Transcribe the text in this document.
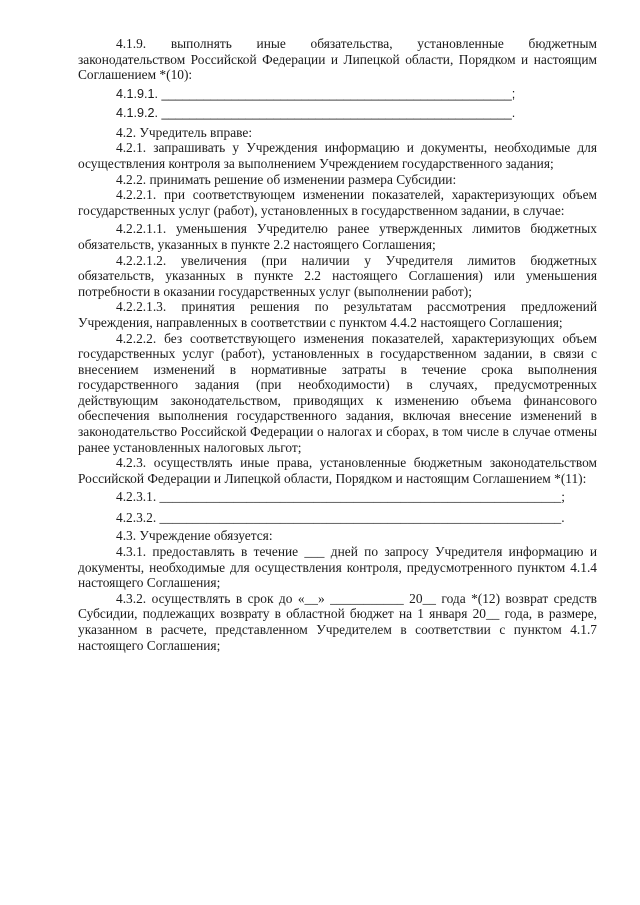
4.1.9. выполнять иные обязательства, установленные бюджетным законодательством Российской Федерации и Липецкой области, Порядком и настоящим Соглашением *(10):

4.1.9.1. __________________________________________________;

4.1.9.2. __________________________________________________.

4.2. Учредитель вправе:

4.2.1. запрашивать у Учреждения информацию и документы, необходимые для осуществления контроля за выполнением Учреждением государственного задания;

4.2.2. принимать решение об изменении размера Субсидии:

4.2.2.1. при соответствующем изменении показателей, характеризующих объем государственных услуг (работ), установленных в государственном задании, в случае:

4.2.2.1.1. уменьшения Учредителю ранее утвержденных лимитов бюджетных обязательств, указанных в пункте 2.2 настоящего Соглашения;

4.2.2.1.2. увеличения (при наличии у Учредителя лимитов бюджетных обязательств, указанных в пункте 2.2 настоящего Соглашения) или уменьшения потребности в оказании государственных услуг (выполнении работ);

4.2.2.1.3. принятия решения по результатам рассмотрения предложений Учреждения, направленных в соответствии с пунктом 4.4.2 настоящего Соглашения;

4.2.2.2. без соответствующего изменения показателей, характеризующих объем государственных услуг (работ), установленных в государственном задании, в связи с внесением изменений в нормативные затраты в течение срока выполнения государственного задания (при необходимости) в случаях, предусмотренных действующим законодательством, приводящих к изменению объема финансового обеспечения выполнения государственного задания, включая внесение изменений в законодательство Российской Федерации о налогах и сборах, в том числе в случае отмены ранее установленных налоговых льгот;

4.2.3. осуществлять иные права, установленные бюджетным законодательством Российской Федерации и Липецкой области, Порядком и настоящим Соглашением *(11):

4.2.3.1. ____________________________________________________________;

4.2.3.2. ____________________________________________________________.

4.3. Учреждение обязуется:

4.3.1. предоставлять в течение ___ дней по запросу Учредителя информацию и документы, необходимые для осуществления контроля, предусмотренного пунктом 4.1.4 настоящего Соглашения;

4.3.2. осуществлять в срок до «__» ___________ 20__ года *(12) возврат средств Субсидии, подлежащих возврату в областной бюджет на 1 января 20__ года, в размере, указанном в расчете, представленном Учредителем в соответствии с пунктом 4.1.7 настоящего Соглашения;
